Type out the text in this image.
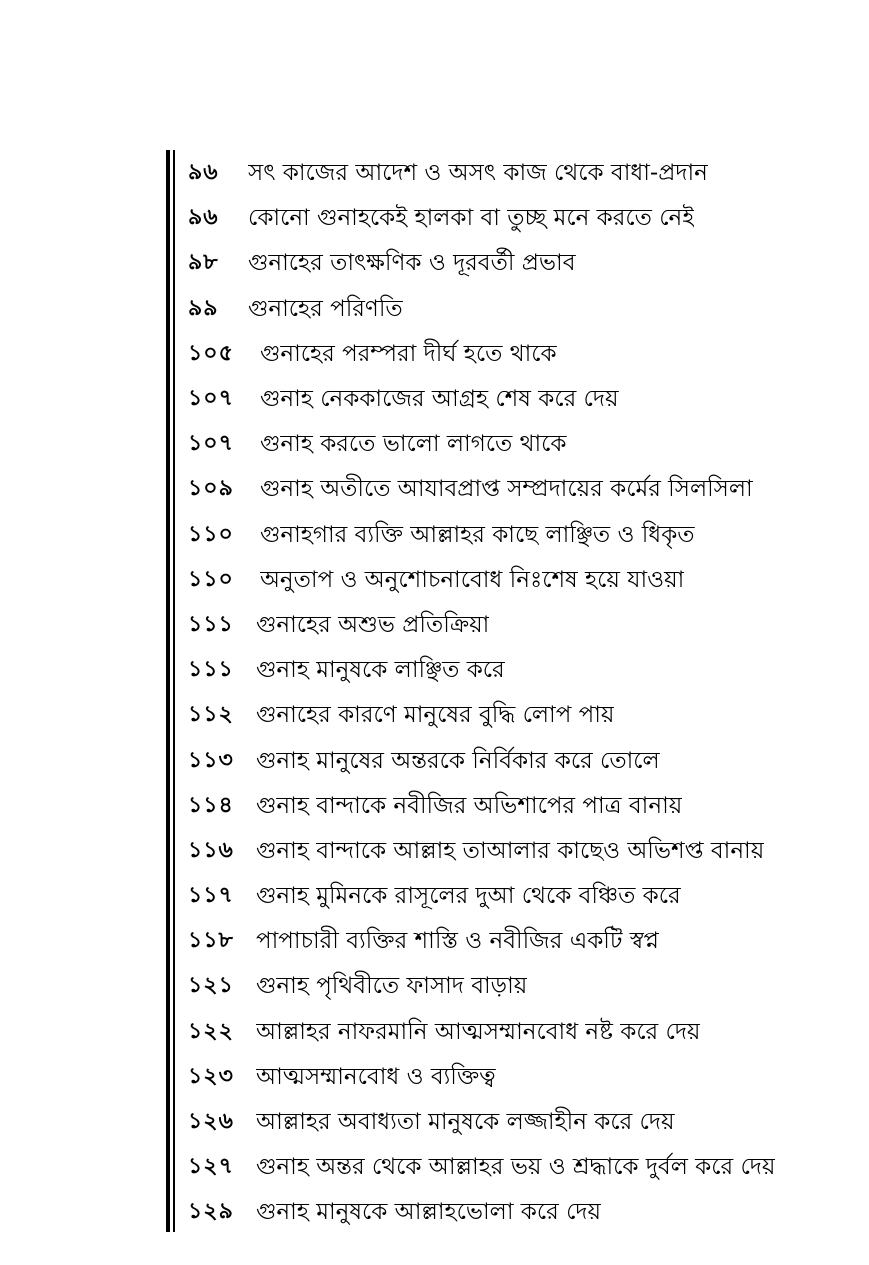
৯৬	সৎ কাজের আদেশ ও অসৎ কাজ থেকে বাধা-প্রদান
৯৬	কোনো গুনাহকেই হালকা বা তুচ্ছ মনে করতে নেই
৯৮	গুনাহের তাৎক্ষণিক ও দূরবর্তী প্রভাব
৯৯	গুনাহের পরিণতি
১০৫	গুনাহের পরম্পরা দীর্ঘ হতে থাকে
১০৭	গুনাহ নেককাজের আগ্রহ শেষ করে দেয়
১০৭	গুনাহ করতে ভালো লাগতে থাকে
১০৯	গুনাহ অতীতে আযাবপ্রাপ্ত সম্প্রদায়ের কর্মের সিলসিলা
১১০	গুনাহগার ব্যক্তি আল্লাহর কাছে লাঞ্ছিত ও ধিকৃত
১১০	অনুতাপ ও অনুশোচনাবোধ নিঃশেষ হয়ে যাওয়া
১১১ গুনাহের অশুভ প্রতিক্রিয়া
১১১ গুনাহ মানুষকে লাঞ্ছিত করে
১১২ গুনাহের কারণে মানুষের বুদ্ধি লোপ পায়
১১৩ গুনাহ মানুষের অন্তরকে নির্বিকার করে তোলে
১১৪ গুনাহ বান্দাকে নবীজির অভিশাপের পাত্র বানায়
১১৬ গুনাহ বান্দাকে আল্লাহ তাআলার কাছেও অভিশপ্ত বানায়
১১৭ গুনাহ মুমিনকে রাসূলের দুআ থেকে বঞ্চিত করে
১১৮ পাপাচারী ব্যক্তির শাস্তি ও নবীজির একটি স্বপ্ন
১২১ গুনাহ পৃথিবীতে ফাসাদ বাড়ায়
১২২ আল্লাহর নাফরমানি আত্মসম্মানবোধ নষ্ট করে দেয়
১২৩ আত্মসম্মানবোধ ও ব্যক্তিত্ব
১২৬ আল্লাহর অবাধ্যতা মানুষকে লজ্জাহীন করে দেয়
১২৭ গুনাহ অন্তর থেকে আল্লাহর ভয় ও শ্রদ্ধাকে দুর্বল করে দেয়
১২৯ গুনাহ মানুষকে আল্লাহভোলা করে দেয়
